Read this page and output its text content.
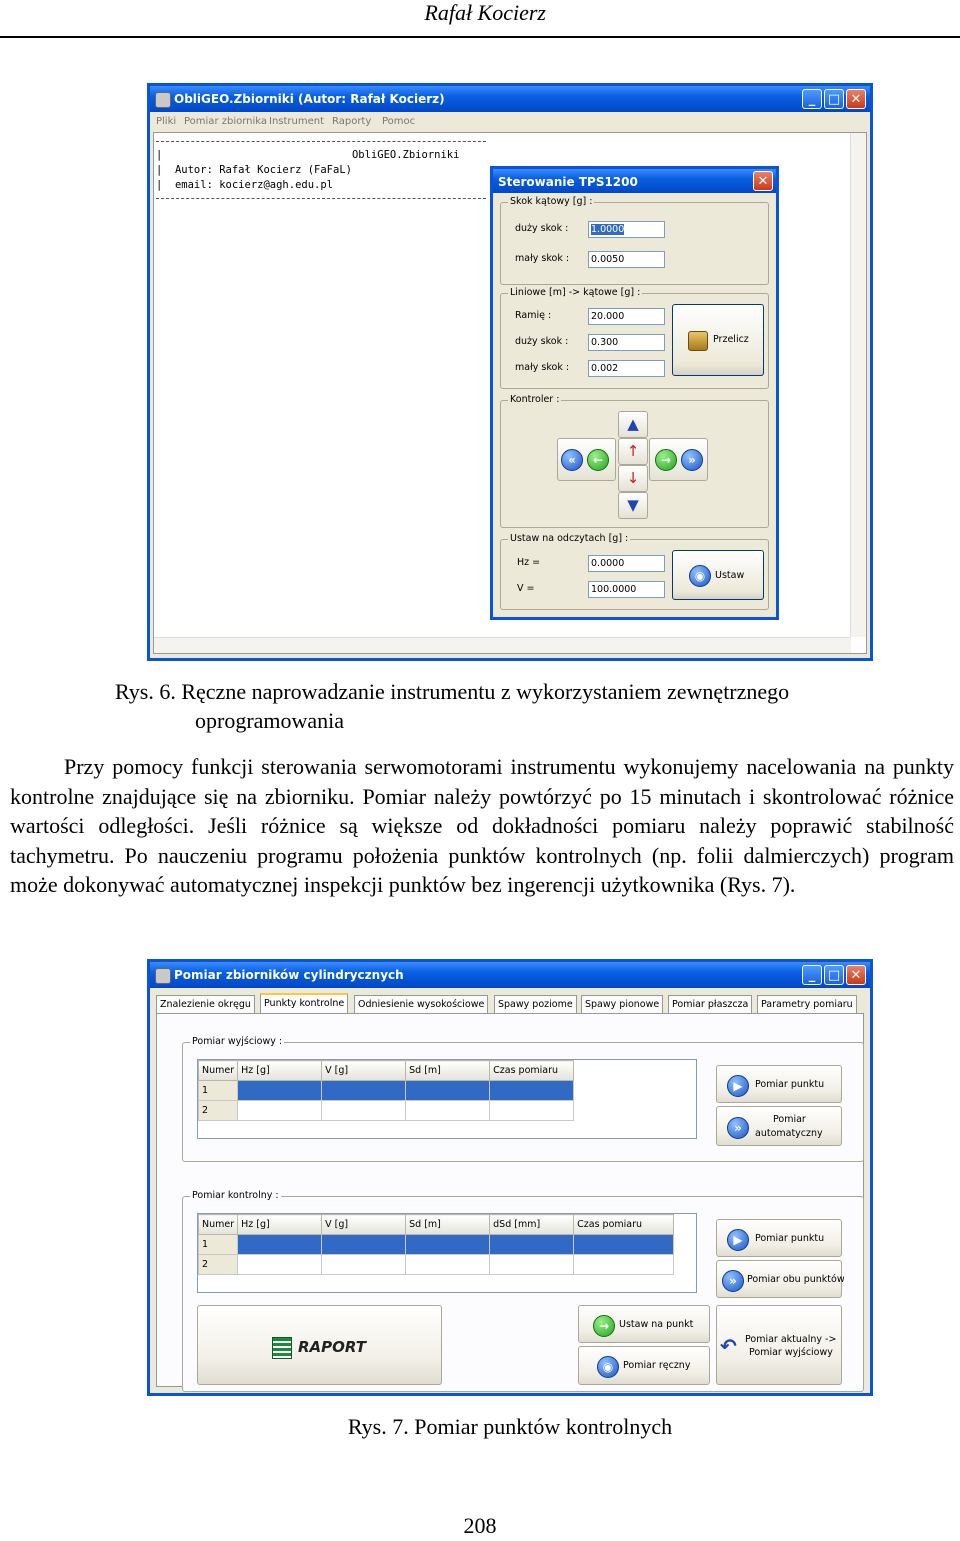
Rafał Kocierz
ObliGEO.Zbiorniki (Autor: Rafał Kocierz)	_ □ ✕
Pliki Pomiar zbiornika Instrument Raporty Pomoc
|                              ObliGEO.Zbiorniki
|  Autor: Rafał Kocierz (FaFaL)
|  email: kocierz@agh.edu.pl	Sterowanie TPS1200	✕
Skok kątowy [g] :
duży skok :	1.0000
mały skok :	0.0050
Liniowe [m] -> kątowe [g] :
Ramię :	20.000
duży skok :	0.300
mały skok :	0.002
Przelicz
Kontroler :
▲
↑
↓
▼
«	←	→	»
Ustaw na odczytach [g] :
Hz =	0.0000
V =	100.0000
◉	Ustaw
Rys. 6. Ręczne naprowadzanie instrumentu z wykorzystaniem zewnętrznego
oprogramowania

Przy pomocy funkcji sterowania serwomotorami instrumentu wykonujemy nacelowania na punkty kontrolne znajdujące się na zbiorniku. Pomiar należy powtórzyć po 15 minutach i skontrolować różnice wartości odległości. Jeśli różnice są większe od dokładności pomiaru należy poprawić stabilność tachymetru. Po nauczeniu programu położenia punktów kontrolnych (np. folii dalmierczych) program może dokonywać automatycznej inspekcji punktów bez ingerencji użytkownika (Rys. 7).

Pomiar zbiorników cylindrycznych	_ □ ✕
Znalezienie okręgu	Punkty kontrolne	Odniesienie wysokościowe	Spawy poziome	Spawy pionowe	Pomiar płaszcza	Parametry pomiaru
Pomiar wyjściowy :
Numer	Hz [g]	V [g]	Sd [m]	Czas pomiaru
1				
2				
▶	Pomiar punktu
»
Pomiar
automatyczny
Pomiar kontrolny :
Numer	Hz [g]	V [g]	Sd [m]	dSd [mm]	Czas pomiaru
1					
2					
▶	Pomiar punktu
»	Pomiar obu punktów
RAPORT
→	Ustaw na punkt
◉	Pomiar ręczny
↶ Pomiar aktualny ->
Pomiar wyjściowy
Rys. 7. Pomiar punktów kontrolnych
208
